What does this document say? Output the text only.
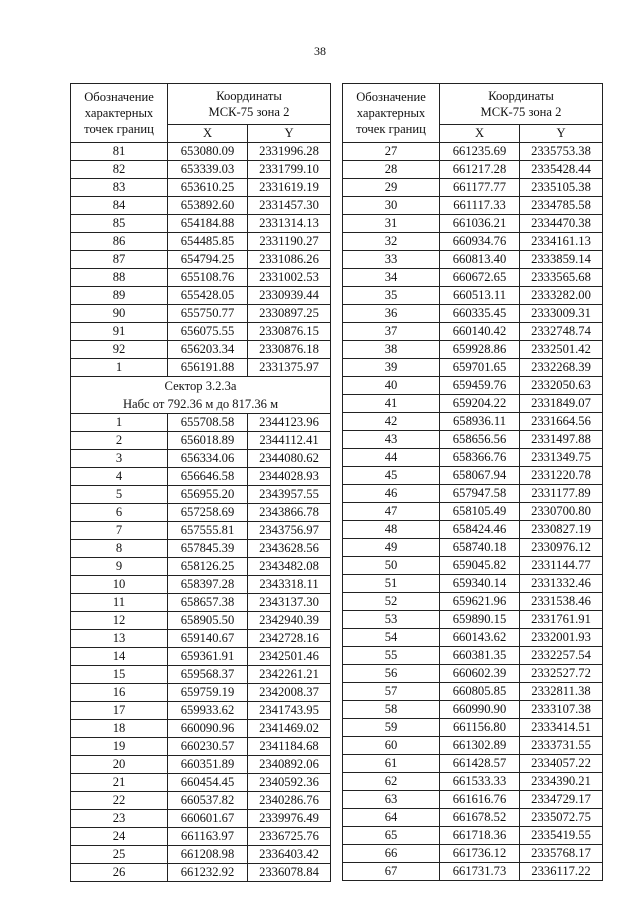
38
Обозначение
характерных
точек границ	Координаты
МСК-75 зона 2	
	X	Y
81	653080.09	2331996.28
82	653339.03	2331799.10
83	653610.25	2331619.19
84	653892.60	2331457.30
85	654184.88	2331314.13
86	654485.85	2331190.27
87	654794.25	2331086.26
88	655108.76	2331002.53
89	655428.05	2330939.44
90	655750.77	2330897.25
91	656075.55	2330876.15
92	656203.34	2330876.18
1	656191.88	2331375.97
Сектор 3.2.3а
Набс от 792.36 м до 817.36 м		
1	655708.58	2344123.96
2	656018.89	2344112.41
3	656334.06	2344080.62
4	656646.58	2344028.93
5	656955.20	2343957.55
6	657258.69	2343866.78
7	657555.81	2343756.97
8	657845.39	2343628.56
9	658126.25	2343482.08
10	658397.28	2343318.11
11	658657.38	2343137.30
12	658905.50	2342940.39
13	659140.67	2342728.16
14	659361.91	2342501.46
15	659568.37	2342261.21
16	659759.19	2342008.37
17	659933.62	2341743.95
18	660090.96	2341469.02
19	660230.57	2341184.68
20	660351.89	2340892.06
21	660454.45	2340592.36
22	660537.82	2340286.76
23	660601.67	2339976.49
24	661163.97	2336725.76
25	661208.98	2336403.42
26	661232.92	2336078.84
Обозначение
характерных
точек границ	Координаты
МСК-75 зона 2	
	X	Y
27	661235.69	2335753.38
28	661217.28	2335428.44
29	661177.77	2335105.38
30	661117.33	2334785.58
31	661036.21	2334470.38
32	660934.76	2334161.13
33	660813.40	2333859.14
34	660672.65	2333565.68
35	660513.11	2333282.00
36	660335.45	2333009.31
37	660140.42	2332748.74
38	659928.86	2332501.42
39	659701.65	2332268.39
40	659459.76	2332050.63
41	659204.22	2331849.07
42	658936.11	2331664.56
43	658656.56	2331497.88
44	658366.76	2331349.75
45	658067.94	2331220.78
46	657947.58	2331177.89
47	658105.49	2330700.80
48	658424.46	2330827.19
49	658740.18	2330976.12
50	659045.82	2331144.77
51	659340.14	2331332.46
52	659621.96	2331538.46
53	659890.15	2331761.91
54	660143.62	2332001.93
55	660381.35	2332257.54
56	660602.39	2332527.72
57	660805.85	2332811.38
58	660990.90	2333107.38
59	661156.80	2333414.51
60	661302.89	2333731.55
61	661428.57	2334057.22
62	661533.33	2334390.21
63	661616.76	2334729.17
64	661678.52	2335072.75
65	661718.36	2335419.55
66	661736.12	2335768.17
67	661731.73	2336117.22
